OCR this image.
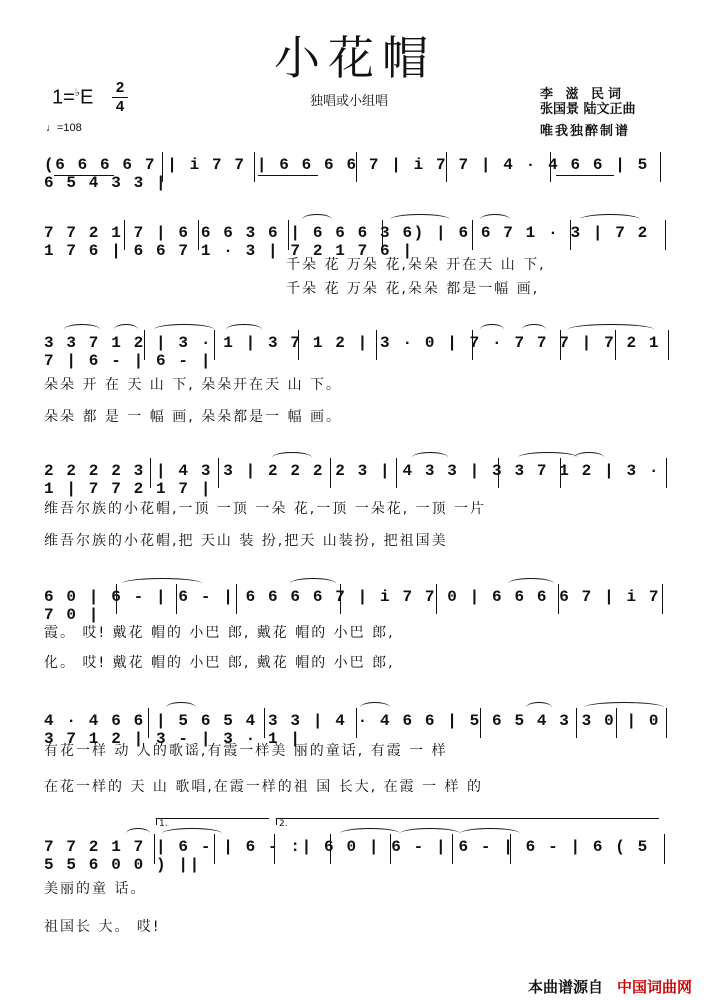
小花帽
1=♭E 2
4	独唱或小组唱	李 滋 民词
张国景 陆文正曲
唯我独醉制谱
♩=108
(6 6 6 6 7 | i 7 7 | 6 6 6 6 7 | i 7 7 | 4 · 4 6 6 | 5 6 5 4 3 3 |
7 7 2 1 7 | 6 6 6 3 6 | 6 6 6 3 6) | 6 6 7 1 · 3 | 7 2 1 7 6 | 6 6 7 1 · 3 | 7 2 1 7 6 |
千朵 花 万朵 花,朵朵 开在天 山 下,
千朵 花 万朵 花,朵朵 都是一幅 画,
3 3 7 1 2 | 3 · 1 | 3 7 1 2 | 3 · 0 | 7 · 7 7 7 | 7 2 1 7 | 6 - | 6 - |
朵朵 开 在 天 山 下, 朵朵开在天 山 下。
朵朵 都 是 一 幅 画, 朵朵都是一 幅 画。
2 2 2 2 3 | 4 3 3 | 2 2 2 2 3 | 4 3 3 | 3 3 7 1 2 | 3 · 1 | 7 7 2 1 7 |
维吾尔族的小花帽,一顶 一顶 一朵 花,一顶 一朵花, 一顶 一片
维吾尔族的小花帽,把 天山 装 扮,把天 山装扮, 把祖国美
6 0 | 6 - | 6 - | 6 6 6 6 7 | i 7 7 0 | 6 6 6 6 7 | i 7 7 0 |
霞。 哎! 戴花 帽的 小巴 郎, 戴花 帽的 小巴 郎,
化。 哎! 戴花 帽的 小巴 郎, 戴花 帽的 小巴 郎,
4 · 4 6 6 | 5 6 5 4 3 3 | 4 · 4 6 6 | 5 6 5 4 3 3 0 | 0 3 7 1 2 | 3 - | 3 · 1 |
有花一样 动 人的歌谣,有霞一样美 丽的童话, 有霞 一 样
在花一样的 天 山 歌唱,在霞一样的祖 国 长大, 在霞 一 样 的
1.	2.
7 7 2 1 7 | 6 - | 6 - :| 6 0 | 6 - | 6 - | 6 - | 6 ( 5 5 5 6 0 0 ) ||
美丽的童 话。
祖国长 大。 哎!
本曲谱源自 中国词曲网
